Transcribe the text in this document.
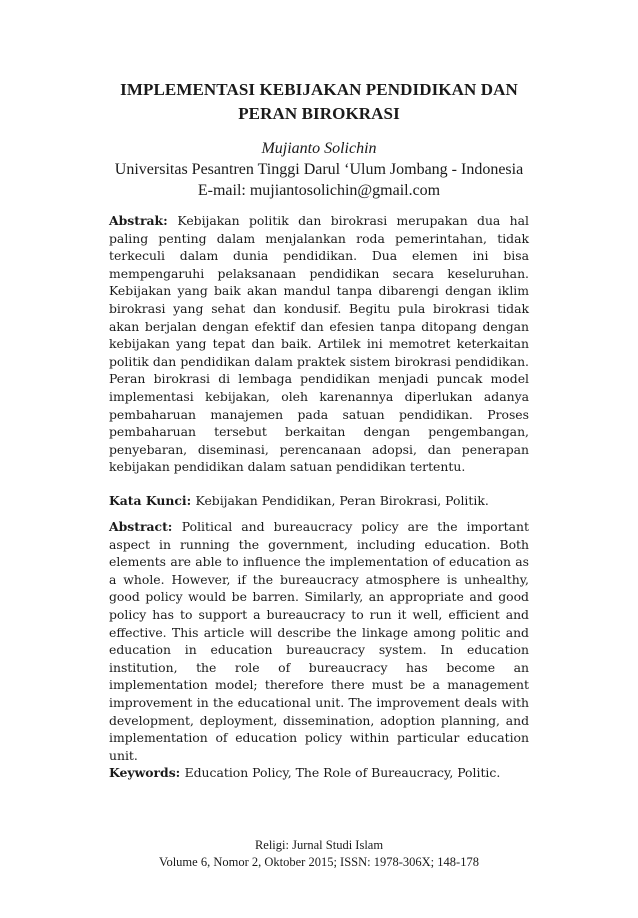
IMPLEMENTASI KEBIJAKAN PENDIDIKAN DAN
PERAN BIROKRASI
Mujianto Solichin
Universitas Pesantren Tinggi Darul ‘Ulum Jombang - Indonesia
E-mail: mujiantosolichin@gmail.com
Abstrak: Kebijakan politik dan birokrasi merupakan dua hal paling penting dalam menjalankan roda pemerintahan, tidak terkeculi dalam dunia pendidikan. Dua elemen ini bisa mempengaruhi pelaksanaan pendidikan secara keseluruhan. Kebijakan yang baik akan mandul tanpa dibarengi dengan iklim birokrasi yang sehat dan kondusif. Begitu pula birokrasi tidak akan berjalan dengan efektif dan efesien tanpa ditopang dengan kebijakan yang tepat dan baik. Artilek ini memotret keterkaitan politik dan pendidikan dalam praktek sistem birokrasi pendidikan. Peran birokrasi di lembaga pendidikan menjadi puncak model implementasi kebijakan, oleh karenannya diperlukan adanya pembaharuan manajemen pada satuan pendidikan. Proses pembaharuan tersebut berkaitan dengan pengembangan, penyebaran, diseminasi, perencanaan adopsi, dan penerapan kebijakan pendidikan dalam satuan pendidikan tertentu.
Kata Kunci: Kebijakan Pendidikan, Peran Birokrasi, Politik.
Abstract: Political and bureaucracy policy are the important aspect in running the government, including education. Both elements are able to influence the implementation of education as a whole. However, if the bureaucracy atmosphere is unhealthy, good policy would be barren. Similarly, an appropriate and good policy has to support a bureaucracy to run it well, efficient and effective. This article will describe the linkage among politic and education in education bureaucracy system. In education institution, the role of bureaucracy has become an implementation model; therefore there must be a management improvement in the educational unit. The improvement deals with development, deployment, dissemination, adoption planning, and implementation of education policy within particular education unit.
Keywords: Education Policy, The Role of Bureaucracy, Politic.
Religi: Jurnal Studi Islam
Volume 6, Nomor 2, Oktober 2015; ISSN: 1978-306X; 148-178
